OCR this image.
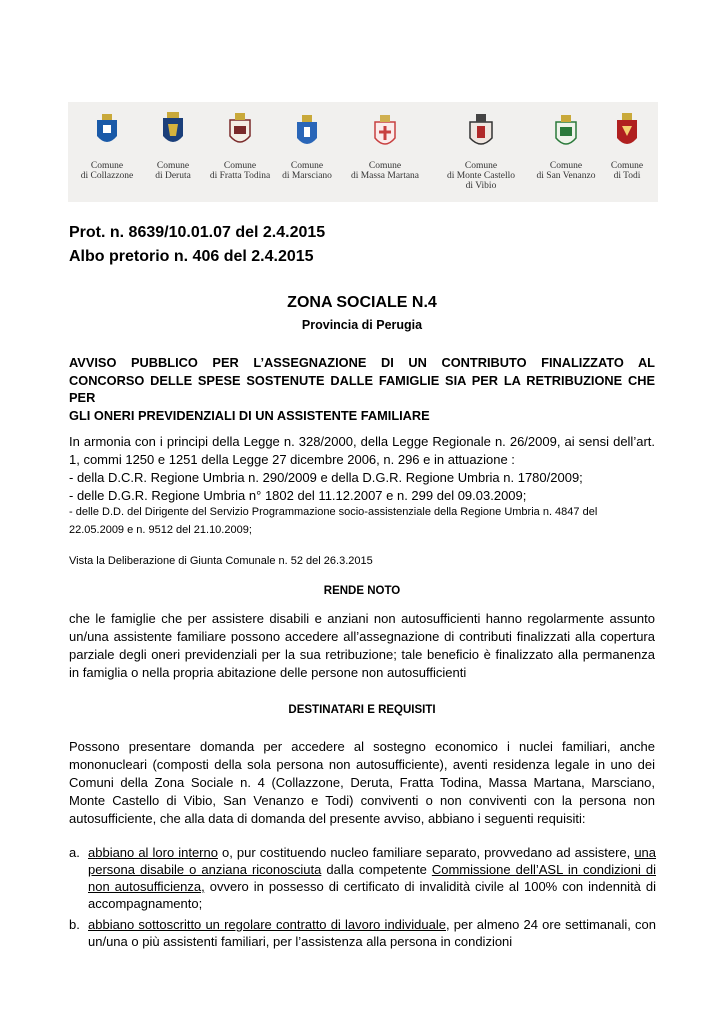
Comune
di Collazzone
Comune
di Deruta
Comune
di Fratta Todina
Comune
di Marsciano
Comune
di Massa Martana
Comune
di Monte Castello
di Vibio
Comune
di San Venanzo
Comune
di Todi
Prot. n. 8639/10.01.07 del 2.4.2015
Albo pretorio n. 406 del 2.4.2015
ZONA SOCIALE N.4
Provincia di Perugia
AVVISO PUBBLICO PER L’ASSEGNAZIONE DI UN CONTRIBUTO FINALIZZATO AL
CONCORSO DELLE SPESE SOSTENUTE DALLE FAMIGLIE SIA PER LA RETRIBUZIONE CHE PER
GLI ONERI PREVIDENZIALI DI UN ASSISTENTE FAMILIARE
In armonia con i principi della Legge n. 328/2000, della Legge Regionale n. 26/2009, ai sensi dell’art. 1, commi 1250 e 1251 della Legge 27 dicembre 2006, n. 296 e in attuazione :
- della D.C.R. Regione Umbria n. 290/2009 e della D.G.R. Regione Umbria n. 1780/2009;
- delle D.G.R. Regione Umbria n° 1802 del 11.12.2007 e n. 299 del 09.03.2009;
- delle D.D. del Dirigente del Servizio Programmazione socio-assistenziale della Regione Umbria n. 4847 del
22.05.2009 e n. 9512 del 21.10.2009;
Vista la Deliberazione di Giunta Comunale n. 52 del 26.3.2015
RENDE NOTO
che le famiglie che per assistere disabili e anziani non autosufficienti hanno regolarmente assunto un/una assistente familiare possono accedere all’assegnazione di contributi finalizzati alla copertura parziale degli oneri previdenziali per la sua retribuzione; tale beneficio è finalizzato alla permanenza in famiglia o nella propria abitazione delle persone non autosufficienti
DESTINATARI E REQUISITI
Possono presentare domanda per accedere al sostegno economico i nuclei familiari, anche mononucleari (composti della sola persona non autosufficiente), aventi residenza legale in uno dei Comuni della Zona Sociale n. 4 (Collazzone, Deruta, Fratta Todina, Massa Martana, Marsciano, Monte Castello di Vibio, San Venanzo e Todi) conviventi o non conviventi con la persona non autosufficiente, che alla data di domanda del presente avviso, abbiano i seguenti requisiti:
a. abbiano al loro interno o, pur costituendo nucleo familiare separato, provvedano ad assistere, una persona disabile o anziana riconosciuta dalla competente Commissione dell’ASL in condizioni di non autosufficienza, ovvero in possesso di certificato di invalidità civile al 100% con indennità di accompagnamento;
b. abbiano sottoscritto un regolare contratto di lavoro individuale, per almeno 24 ore settimanali, con un/una o più assistenti familiari, per l’assistenza alla persona in condizioni
